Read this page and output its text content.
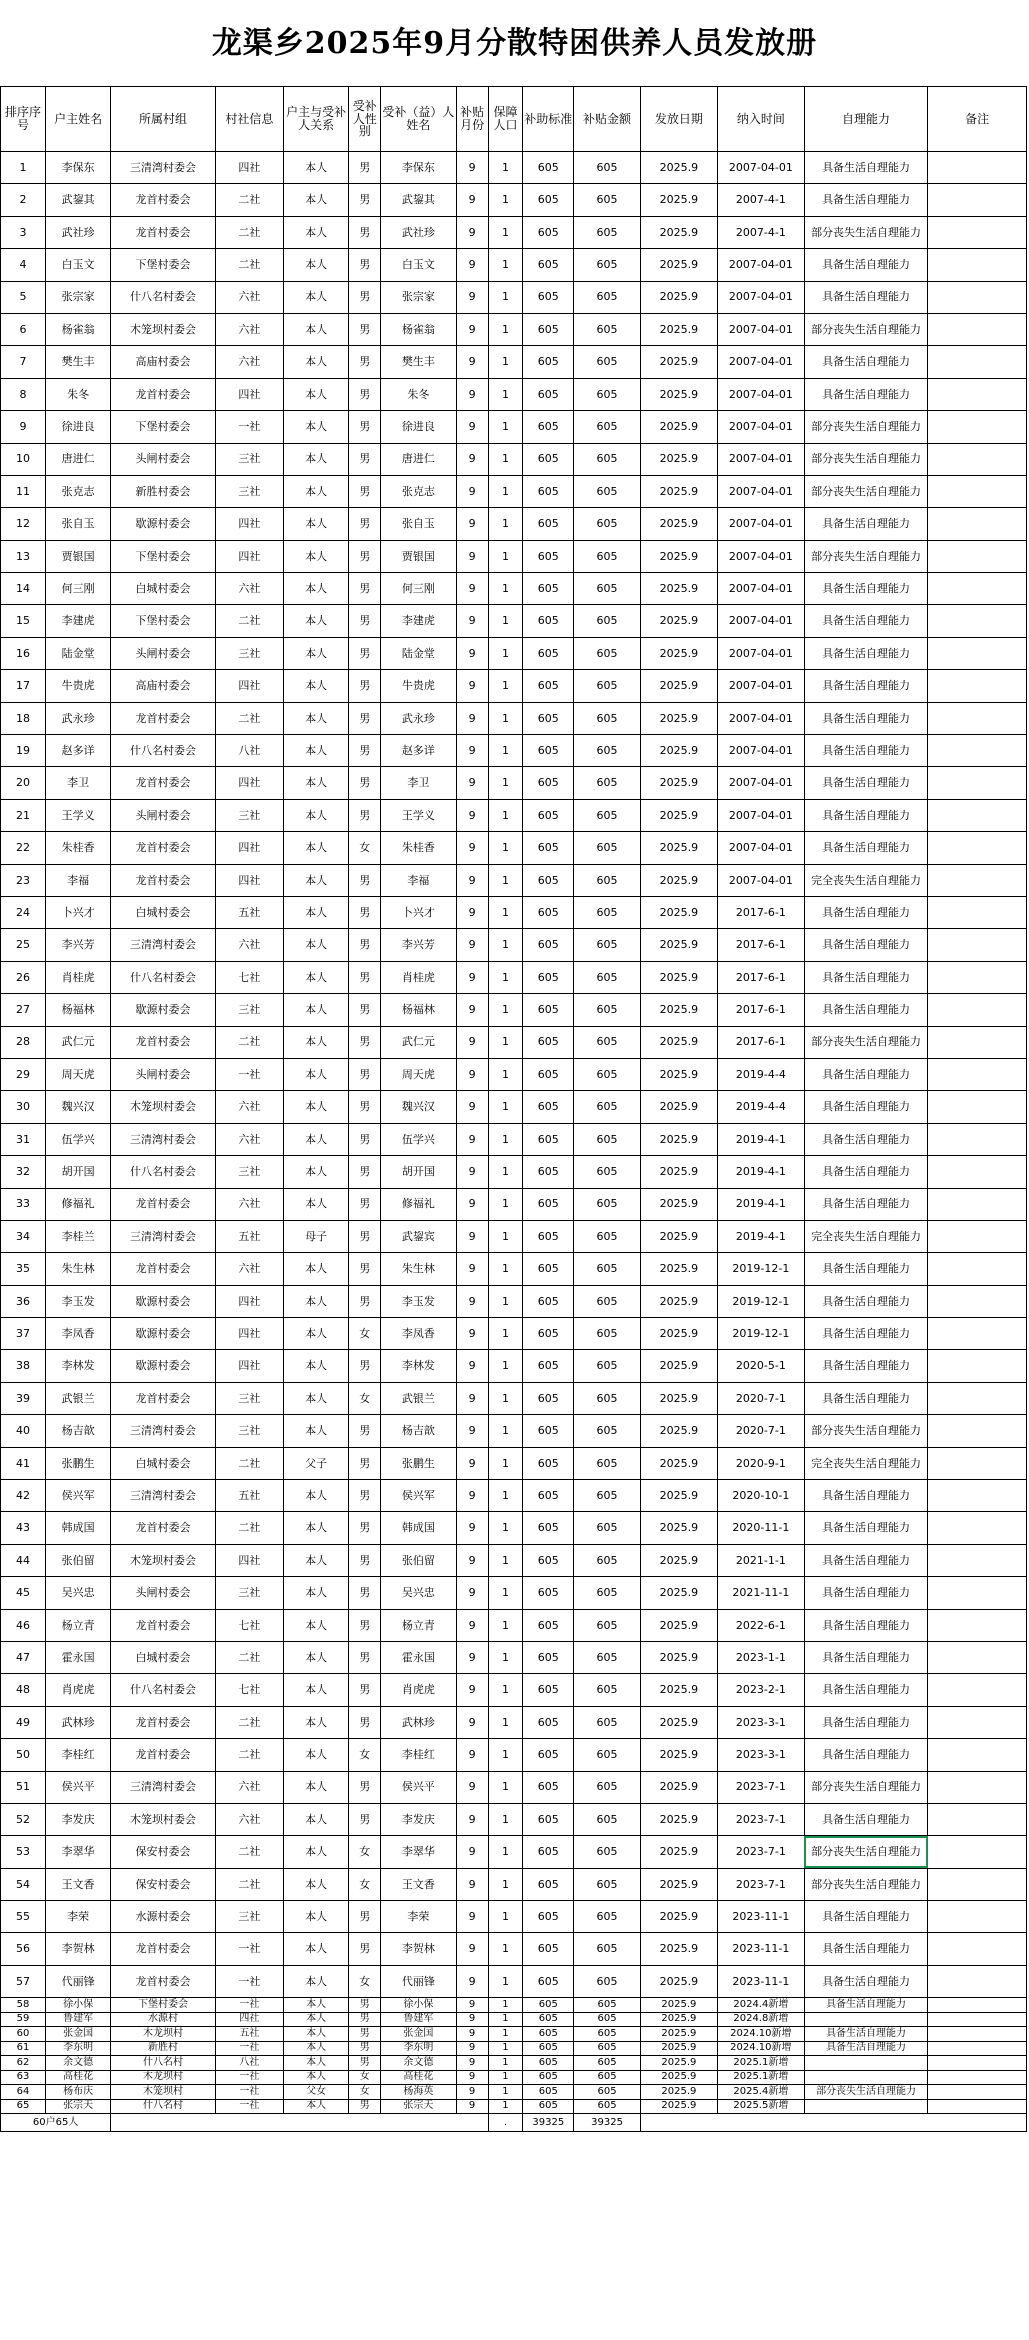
龙渠乡2025年9月分散特困供养人员发放册
排序序号	户主姓名	所属村组	村社信息	户主与受补人关系	受补人性别	受补（益）人姓名	补贴月份	保障人口	补助标准	补贴金额	发放日期	纳入时间	自理能力	备注
1	李保东	三清湾村委会	四社	本人	男	李保东	9	1	605	605	2025.9	2007-04-01	具备生活自理能力	
2	武鋆其	龙首村委会	二社	本人	男	武鋆其	9	1	605	605	2025.9	2007-4-1	具备生活自理能力	
3	武社珍	龙首村委会	二社	本人	男	武社珍	9	1	605	605	2025.9	2007-4-1	部分丧失生活自理能力	
4	白玉文	下堡村委会	二社	本人	男	白玉文	9	1	605	605	2025.9	2007-04-01	具备生活自理能力	
5	张宗家	什八名村委会	六社	本人	男	张宗家	9	1	605	605	2025.9	2007-04-01	具备生活自理能力	
6	杨雀翁	木笼坝村委会	六社	本人	男	杨雀翁	9	1	605	605	2025.9	2007-04-01	部分丧失生活自理能力	
7	樊生丰	高庙村委会	六社	本人	男	樊生丰	9	1	605	605	2025.9	2007-04-01	具备生活自理能力	
8	朱冬	龙首村委会	四社	本人	男	朱冬	9	1	605	605	2025.9	2007-04-01	具备生活自理能力	
9	徐进良	下堡村委会	一社	本人	男	徐进良	9	1	605	605	2025.9	2007-04-01	部分丧失生活自理能力	
10	唐进仁	头闸村委会	三社	本人	男	唐进仁	9	1	605	605	2025.9	2007-04-01	部分丧失生活自理能力	
11	张克志	新胜村委会	三社	本人	男	张克志	9	1	605	605	2025.9	2007-04-01	部分丧失生活自理能力	
12	张自玉	歇源村委会	四社	本人	男	张自玉	9	1	605	605	2025.9	2007-04-01	具备生活自理能力	
13	贾银国	下堡村委会	四社	本人	男	贾银国	9	1	605	605	2025.9	2007-04-01	部分丧失生活自理能力	
14	何三刚	白城村委会	六社	本人	男	何三刚	9	1	605	605	2025.9	2007-04-01	具备生活自理能力	
15	李建虎	下堡村委会	二社	本人	男	李建虎	9	1	605	605	2025.9	2007-04-01	具备生活自理能力	
16	陆金堂	头闸村委会	三社	本人	男	陆金堂	9	1	605	605	2025.9	2007-04-01	具备生活自理能力	
17	牛贵虎	高庙村委会	四社	本人	男	牛贵虎	9	1	605	605	2025.9	2007-04-01	具备生活自理能力	
18	武永珍	龙首村委会	二社	本人	男	武永珍	9	1	605	605	2025.9	2007-04-01	具备生活自理能力	
19	赵多详	什八名村委会	八社	本人	男	赵多详	9	1	605	605	2025.9	2007-04-01	具备生活自理能力	
20	李卫	龙首村委会	四社	本人	男	李卫	9	1	605	605	2025.9	2007-04-01	具备生活自理能力	
21	王学义	头闸村委会	三社	本人	男	王学义	9	1	605	605	2025.9	2007-04-01	具备生活自理能力	
22	朱桂香	龙首村委会	四社	本人	女	朱桂香	9	1	605	605	2025.9	2007-04-01	具备生活自理能力	
23	李福	龙首村委会	四社	本人	男	李福	9	1	605	605	2025.9	2007-04-01	完全丧失生活自理能力	
24	卜兴才	白城村委会	五社	本人	男	卜兴才	9	1	605	605	2025.9	2017-6-1	具备生活自理能力	
25	李兴芳	三清湾村委会	六社	本人	男	李兴芳	9	1	605	605	2025.9	2017-6-1	具备生活自理能力	
26	肖桂虎	什八名村委会	七社	本人	男	肖桂虎	9	1	605	605	2025.9	2017-6-1	具备生活自理能力	
27	杨福林	歇源村委会	三社	本人	男	杨福林	9	1	605	605	2025.9	2017-6-1	具备生活自理能力	
28	武仁元	龙首村委会	二社	本人	男	武仁元	9	1	605	605	2025.9	2017-6-1	部分丧失生活自理能力	
29	周天虎	头闸村委会	一社	本人	男	周天虎	9	1	605	605	2025.9	2019-4-4	具备生活自理能力	
30	魏兴汉	木笼坝村委会	六社	本人	男	魏兴汉	9	1	605	605	2025.9	2019-4-4	具备生活自理能力	
31	伍学兴	三清湾村委会	六社	本人	男	伍学兴	9	1	605	605	2025.9	2019-4-1	具备生活自理能力	
32	胡开国	什八名村委会	三社	本人	男	胡开国	9	1	605	605	2025.9	2019-4-1	具备生活自理能力	
33	修福礼	龙首村委会	六社	本人	男	修福礼	9	1	605	605	2025.9	2019-4-1	具备生活自理能力	
34	李桂兰	三清湾村委会	五社	母子	男	武鋆宾	9	1	605	605	2025.9	2019-4-1	完全丧失生活自理能力	
35	朱生林	龙首村委会	六社	本人	男	朱生林	9	1	605	605	2025.9	2019-12-1	具备生活自理能力	
36	李玉发	歇源村委会	四社	本人	男	李玉发	9	1	605	605	2025.9	2019-12-1	具备生活自理能力	
37	李凤香	歇源村委会	四社	本人	女	李凤香	9	1	605	605	2025.9	2019-12-1	具备生活自理能力	
38	李林发	歇源村委会	四社	本人	男	李林发	9	1	605	605	2025.9	2020-5-1	具备生活自理能力	
39	武银兰	龙首村委会	三社	本人	女	武银兰	9	1	605	605	2025.9	2020-7-1	具备生活自理能力	
40	杨吉歆	三清湾村委会	三社	本人	男	杨吉歆	9	1	605	605	2025.9	2020-7-1	部分丧失生活自理能力	
41	张鹏生	白城村委会	二社	父子	男	张鹏生	9	1	605	605	2025.9	2020-9-1	完全丧失生活自理能力	
42	侯兴军	三清湾村委会	五社	本人	男	侯兴军	9	1	605	605	2025.9	2020-10-1	具备生活自理能力	
43	韩成国	龙首村委会	二社	本人	男	韩成国	9	1	605	605	2025.9	2020-11-1	具备生活自理能力	
44	张伯留	木笼坝村委会	四社	本人	男	张伯留	9	1	605	605	2025.9	2021-1-1	具备生活自理能力	
45	吴兴忠	头闸村委会	三社	本人	男	吴兴忠	9	1	605	605	2025.9	2021-11-1	具备生活自理能力	
46	杨立青	龙首村委会	七社	本人	男	杨立青	9	1	605	605	2025.9	2022-6-1	具备生活自理能力	
47	霍永国	白城村委会	二社	本人	男	霍永国	9	1	605	605	2025.9	2023-1-1	具备生活自理能力	
48	肖虎虎	什八名村委会	七社	本人	男	肖虎虎	9	1	605	605	2025.9	2023-2-1	具备生活自理能力	
49	武林珍	龙首村委会	二社	本人	男	武林珍	9	1	605	605	2025.9	2023-3-1	具备生活自理能力	
50	李桂红	龙首村委会	二社	本人	女	李桂红	9	1	605	605	2025.9	2023-3-1	具备生活自理能力	
51	侯兴平	三清湾村委会	六社	本人	男	侯兴平	9	1	605	605	2025.9	2023-7-1	部分丧失生活自理能力	
52	李发庆	木笼坝村委会	六社	本人	男	李发庆	9	1	605	605	2025.9	2023-7-1	具备生活自理能力	
53	李翠华	保安村委会	二社	本人	女	李翠华	9	1	605	605	2025.9	2023-7-1	部分丧失生活自理能力	
54	王文香	保安村委会	二社	本人	女	王文香	9	1	605	605	2025.9	2023-7-1	部分丧失生活自理能力	
55	李荣	水源村委会	三社	本人	男	李荣	9	1	605	605	2025.9	2023-11-1	具备生活自理能力	
56	李贺林	龙首村委会	一社	本人	男	李贺林	9	1	605	605	2025.9	2023-11-1	具备生活自理能力	
57	代丽锋	龙首村委会	一社	本人	女	代丽锋	9	1	605	605	2025.9	2023-11-1	具备生活自理能力	
58	徐小保	下堡村委会	一社	本人	男	徐小保	9	1	605	605	2025.9	2024.4新增	具备生活自理能力	
59	鲁建军	水源村	四社	本人	男	鲁建军	9	1	605	605	2025.9	2024.8新增		
60	张金国	木龙坝村	五社	本人	男	张金国	9	1	605	605	2025.9	2024.10新增	具备生活自理能力	
61	李东明	新胜村	一社	本人	男	李东明	9	1	605	605	2025.9	2024.10新增	具备生活自理能力	
62	余文德	什八名村	八社	本人	男	余文德	9	1	605	605	2025.9	2025.1新增		
63	高桂花	木龙坝村	一社	本人	女	高桂花	9	1	605	605	2025.9	2025.1新增		
64	杨布庆	木笼坝村	一社	父女	女	杨海英	9	1	605	605	2025.9	2025.4新增	部分丧失生活自理能力	
65	张宗天	什八名村	一社	本人	男	张宗天	9	1	605	605	2025.9	2025.5新增		
60户65人								.	39325	39325				
